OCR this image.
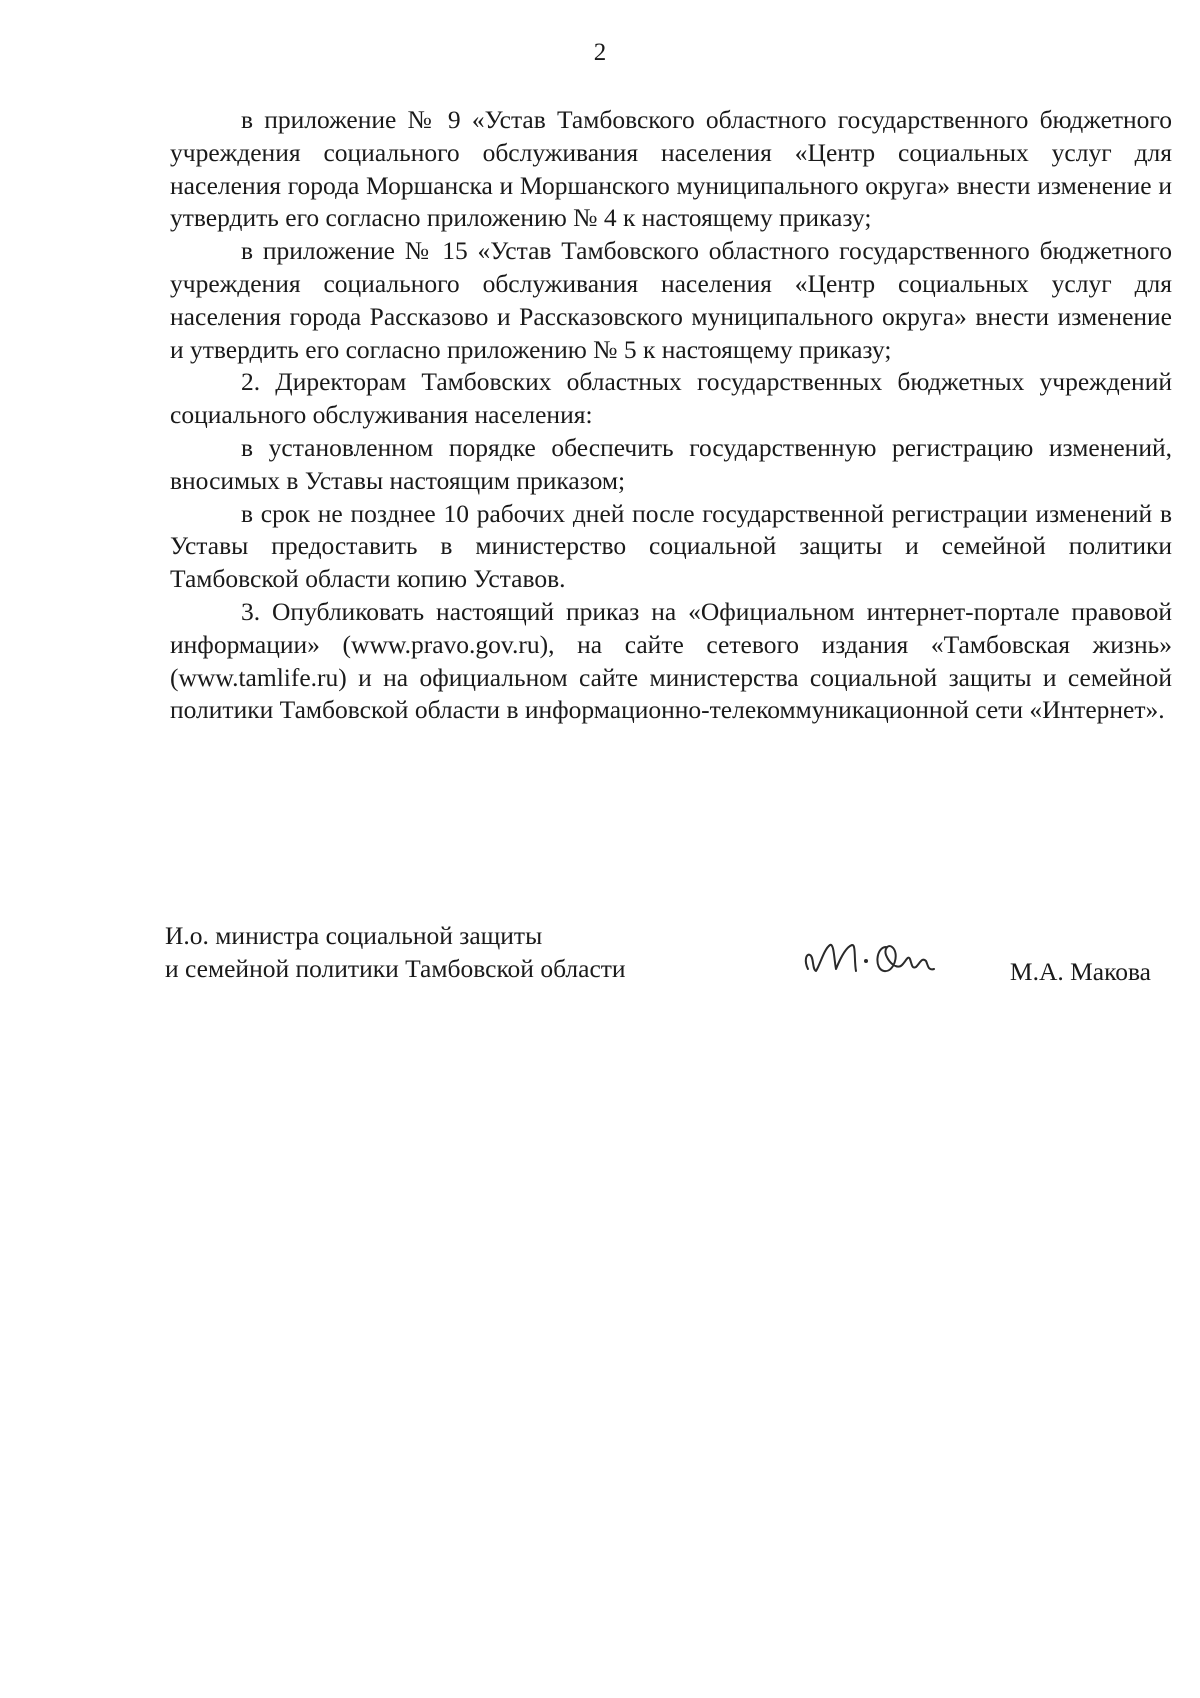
2

в приложение № 9 «Устав Тамбовского областного государственного бюджетного учреждения социального обслуживания населения «Центр социальных услуг для населения города Моршанска и Моршанского муниципального округа» внести изменение и утвердить его согласно приложению № 4 к настоящему приказу;

в приложение № 15 «Устав Тамбовского областного государственного бюджетного учреждения социального обслуживания населения «Центр социальных услуг для населения города Рассказово и Рассказовского муниципального округа» внести изменение и утвердить его согласно приложению № 5 к настоящему приказу;

2. Директорам Тамбовских областных государственных бюджетных учреждений социального обслуживания населения:

в установленном порядке обеспечить государственную регистрацию изменений, вносимых в Уставы настоящим приказом;

в срок не позднее 10 рабочих дней после государственной регистрации изменений в Уставы предоставить в министерство социальной защиты и семейной политики Тамбовской области копию Уставов.

3. Опубликовать настоящий приказ на «Официальном интернет-портале правовой информации» (www.pravo.gov.ru), на сайте сетевого издания «Тамбовская жизнь» (www.tamlife.ru) и на официальном сайте министерства социальной защиты и семейной политики Тамбовской области в информационно-телекоммуникационной сети «Интернет».

И.о. министра социальной защиты
и семейной политики Тамбовской области	М.А. Макова
